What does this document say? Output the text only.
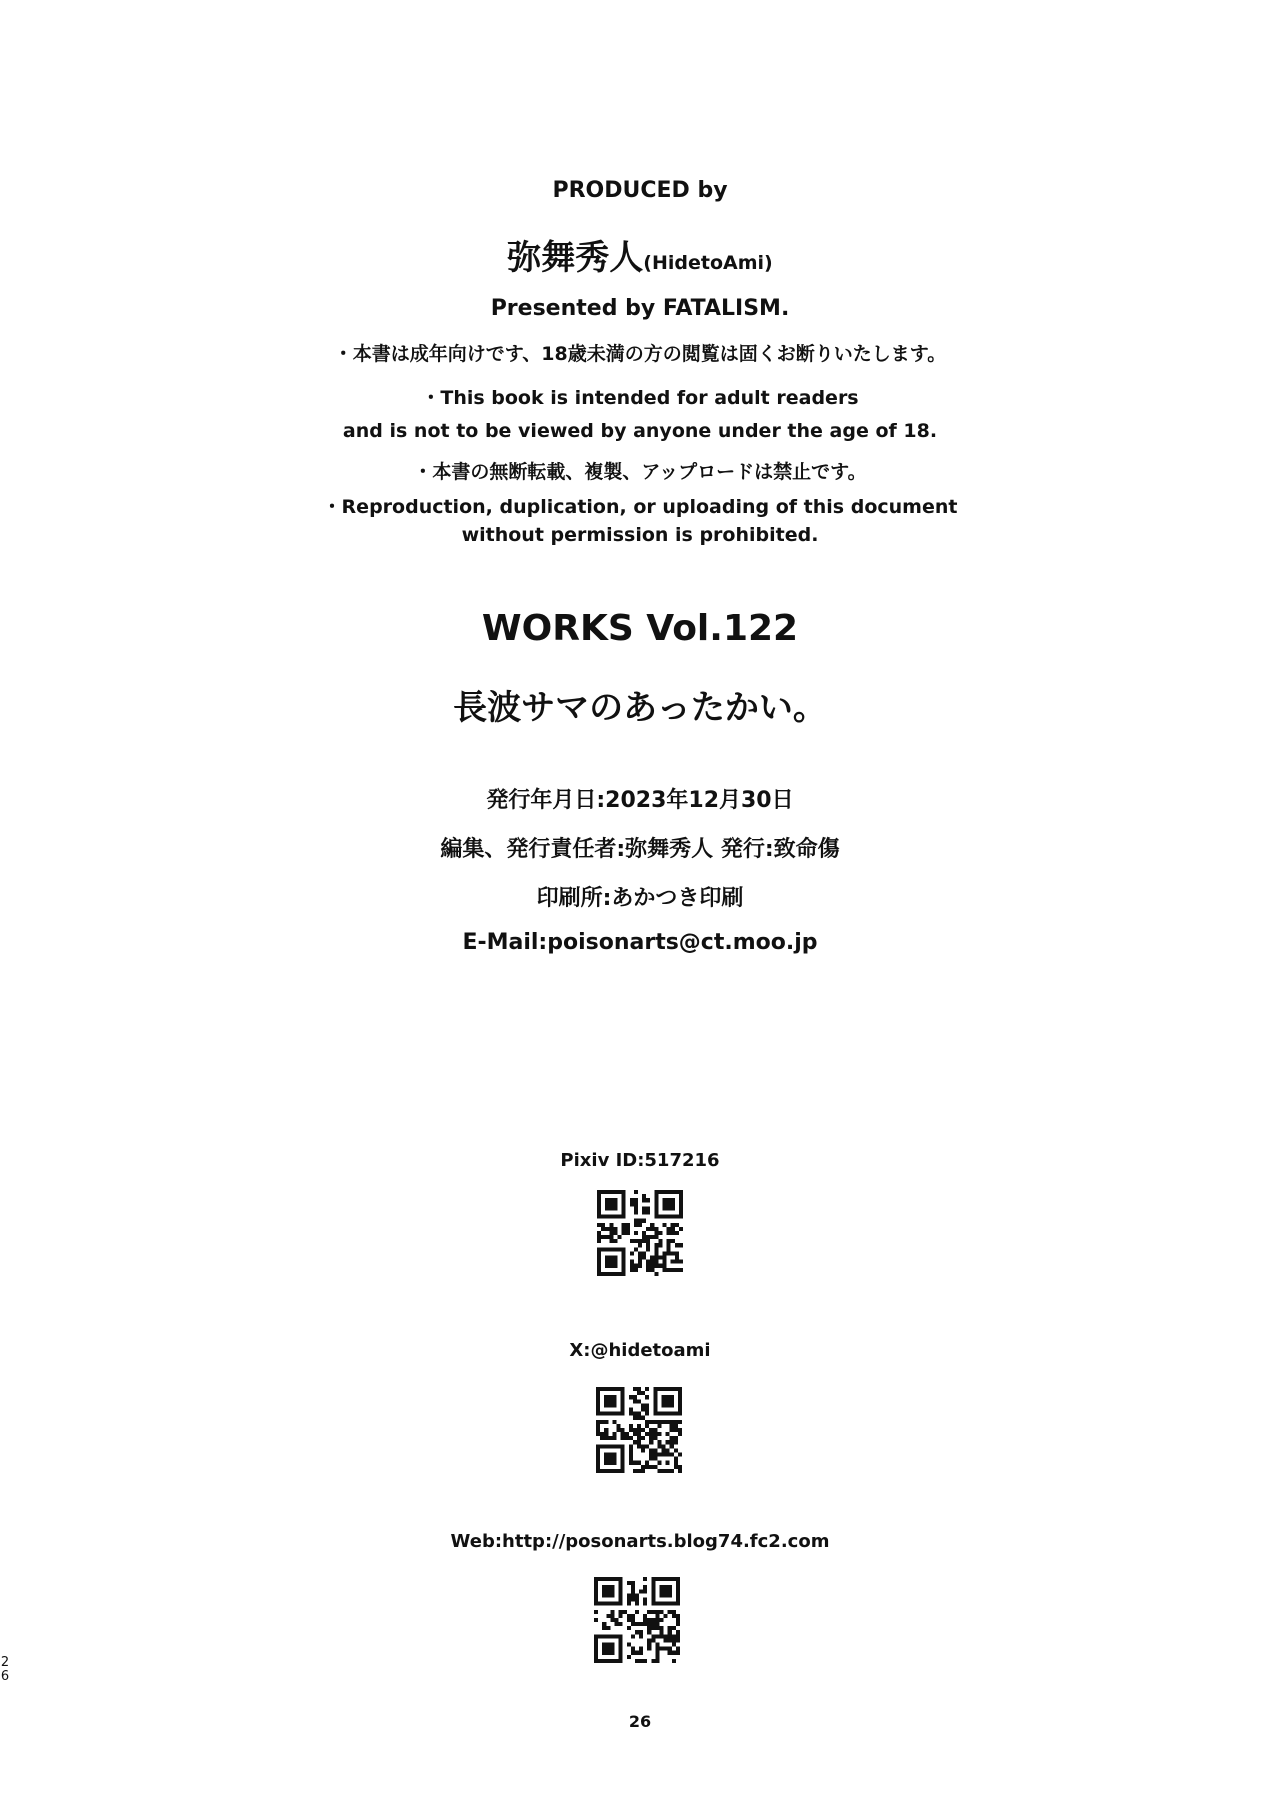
PRODUCED by
弥舞秀人(HidetoAmi)
Presented by FATALISM.
・本書は成年向けです、18歳未満の方の閲覧は固くお断りいたします。
・This book is intended for adult readers
and is not to be viewed by anyone under the age of 18.
・本書の無断転載、複製、アップロードは禁止です。
・Reproduction, duplication, or uploading of this document
without permission is prohibited.
WORKS Vol.122
長波サマのあったかい。
発行年月日:2023年12月30日
編集、発行責任者:弥舞秀人 発行:致命傷
印刷所:あかつき印刷
E-Mail:poisonarts@ct.moo.jp
Pixiv ID:517216
X:@hidetoami
Web:http://posonarts.blog74.fc2.com
2
6
26
